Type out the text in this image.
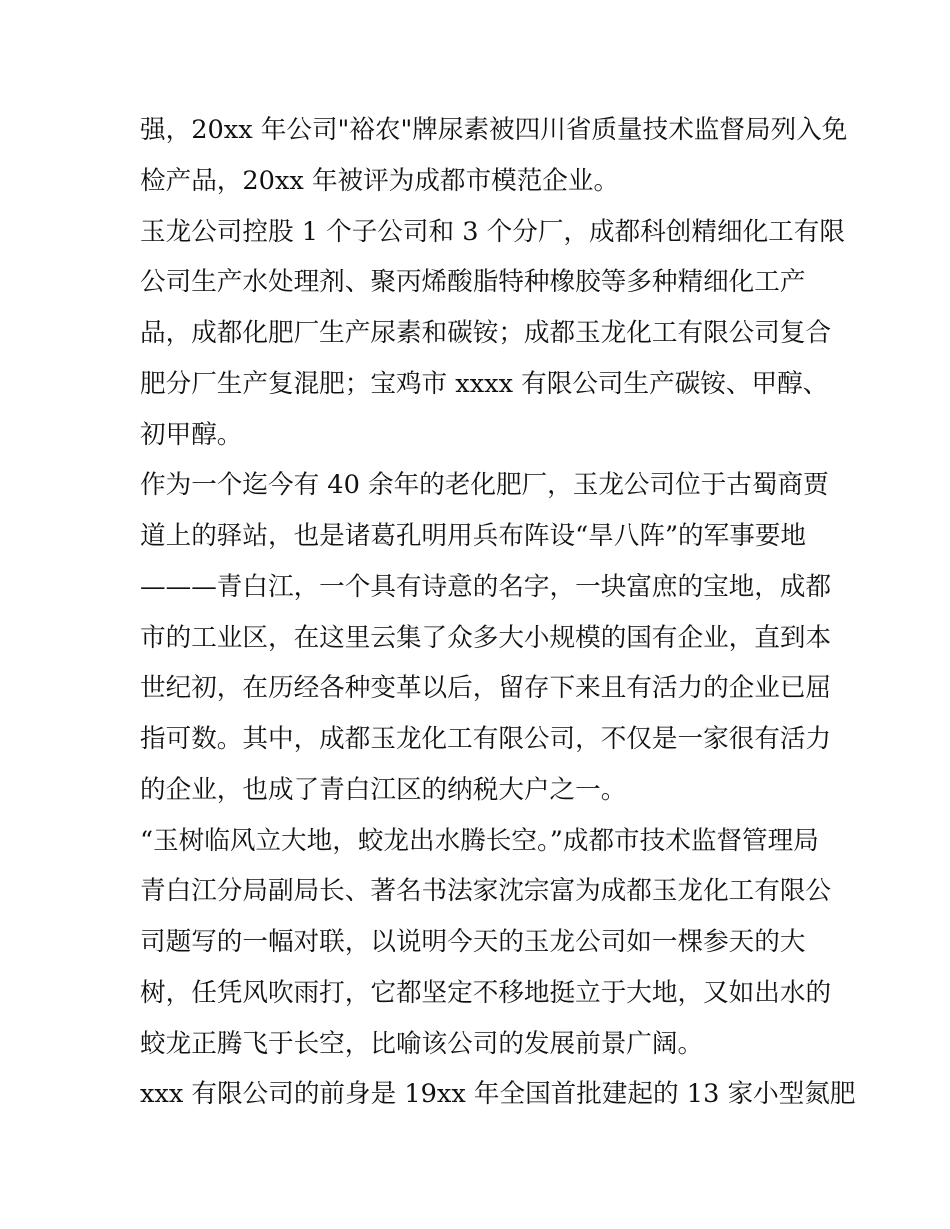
强，20xx 年公司"裕农"牌尿素被四川省质量技术监督局列入免
检产品，20xx 年被评为成都市模范企业。
玉龙公司控股 1 个子公司和 3 个分厂，成都科创精细化工有限
公司生产水处理剂、聚丙烯酸脂特种橡胶等多种精细化工产
品，成都化肥厂生产尿素和碳铵；成都玉龙化工有限公司复合
肥分厂生产复混肥；宝鸡市 xxxx 有限公司生产碳铵、甲醇、
初甲醇。
作为一个迄今有 40 余年的老化肥厂，玉龙公司位于古蜀商贾
道上的驿站，也是诸葛孔明用兵布阵设“旱八阵”的军事要地
———青白江，一个具有诗意的名字，一块富庶的宝地，成都
市的工业区，在这里云集了众多大小规模的国有企业，直到本
世纪初，在历经各种变革以后，留存下来且有活力的企业已屈
指可数。其中，成都玉龙化工有限公司，不仅是一家很有活力
的企业，也成了青白江区的纳税大户之一。
“玉树临风立大地，蛟龙出水腾长空。”成都市技术监督管理局
青白江分局副局长、著名书法家沈宗富为成都玉龙化工有限公
司题写的一幅对联，以说明今天的玉龙公司如一棵参天的大
树，任凭风吹雨打，它都坚定不移地挺立于大地，又如出水的
蛟龙正腾飞于长空，比喻该公司的发展前景广阔。
xxx 有限公司的前身是 19xx 年全国首批建起的 13 家小型氮肥
